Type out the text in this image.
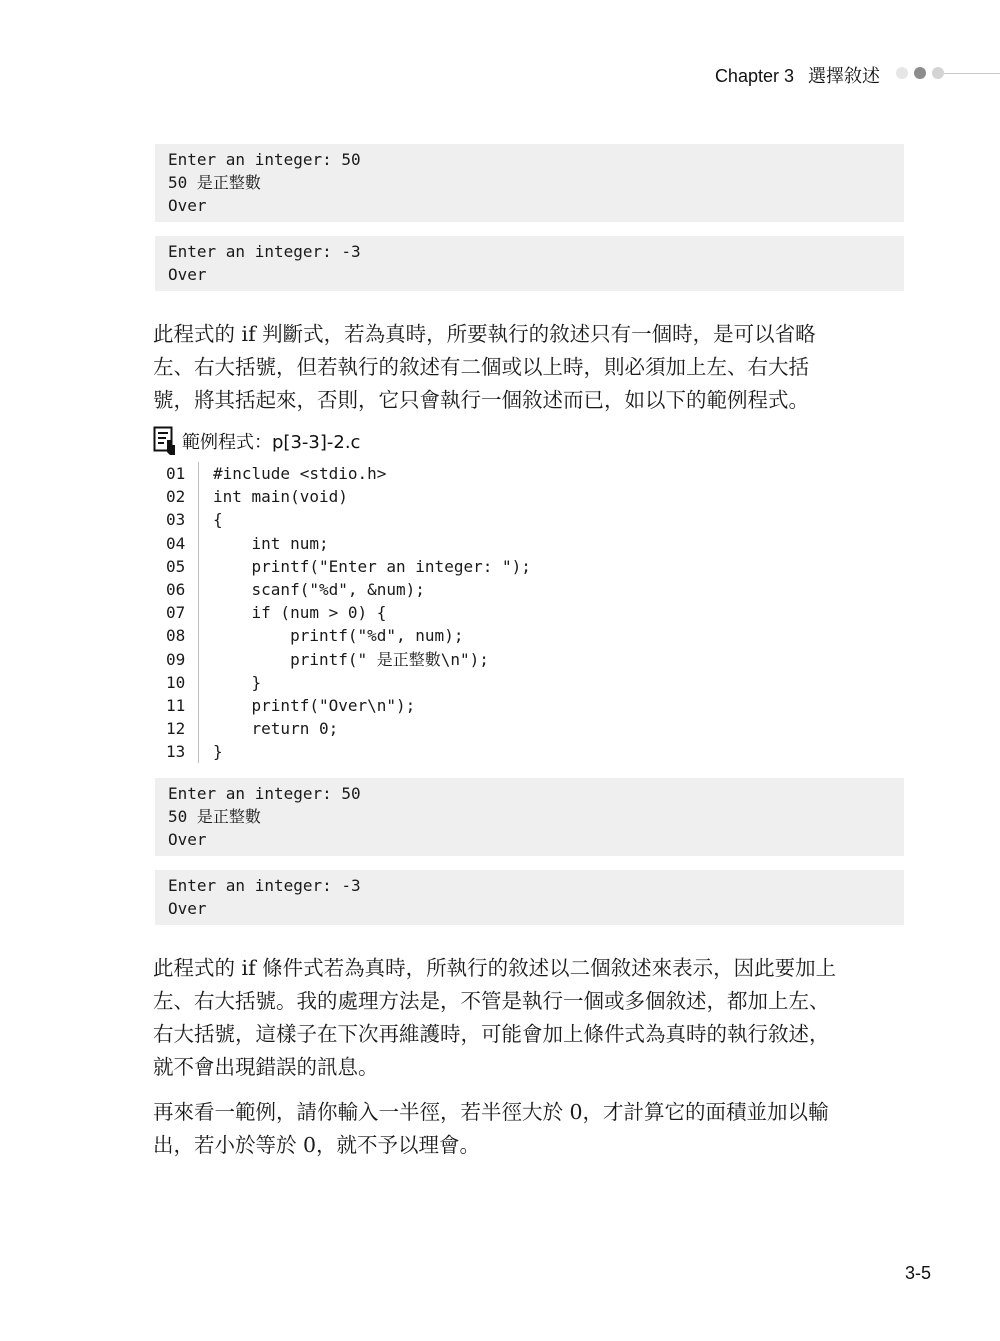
Chapter 3 選擇敘述
Enter an integer: 50
50 是正整數
Over
Enter an integer: -3
Over
此程式的 if 判斷式，若為真時，所要執行的敘述只有一個時，是可以省略
左、右大括號，但若執行的敘述有二個或以上時，則必須加上左、右大括
號，將其括起來，否則，它只會執行一個敘述而已，如以下的範例程式。
範例程式：p[3-3]-2.c
01	#include <stdio.h>
02	int main(void)
03	{
04	int num;
05	printf("Enter an integer: ");
06	scanf("%d", &num);
07	if (num > 0) {
08	printf("%d", num);
09	printf(" 是正整數\n");
10	}
11	printf("Over\n");
12	return 0;
13	}
Enter an integer: 50
50 是正整數
Over
Enter an integer: -3
Over
此程式的 if 條件式若為真時，所執行的敘述以二個敘述來表示，因此要加上
左、右大括號。我的處理方法是，不管是執行一個或多個敘述，都加上左、
右大括號，這樣子在下次再維護時，可能會加上條件式為真時的執行敘述，
就不會出現錯誤的訊息。
再來看一範例，請你輸入一半徑，若半徑大於 0，才計算它的面積並加以輸
出，若小於等於 0，就不予以理會。
3-5
